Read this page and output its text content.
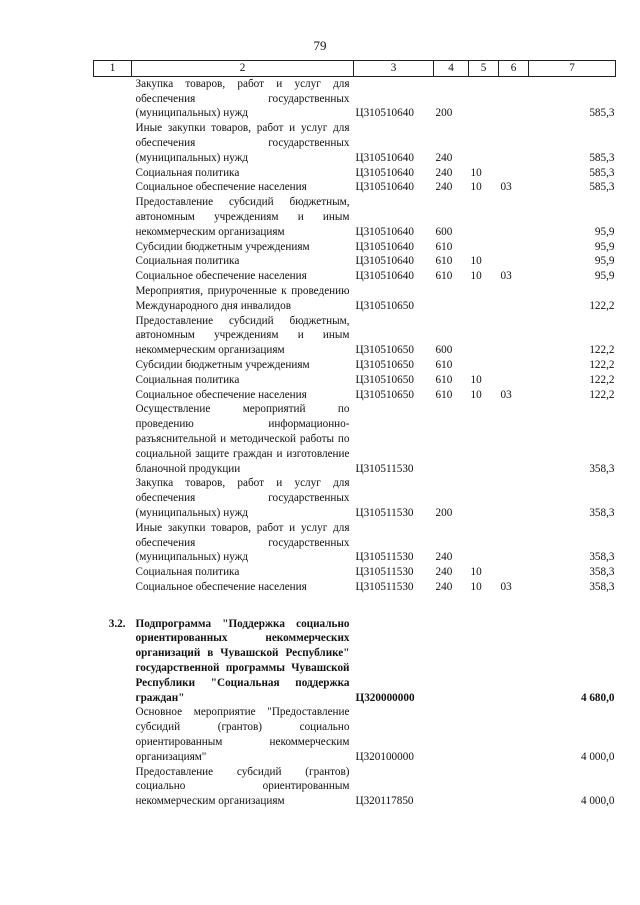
79
1	2	3	4	5	6	7
	Закупка товаров, работ и услуг для обеспечения государственных (муниципальных) нужд	Ц310510640	200			585,3
	Иные закупки товаров, работ и услуг для обеспечения государственных (муниципальных) нужд	Ц310510640	240			585,3
	Социальная политика	Ц310510640	240	10		585,3
	Социальное обеспечение населения	Ц310510640	240	10	03	585,3
	Предоставление субсидий бюджетным, автономным учреждениям и иным некоммерческим организациям	Ц310510640	600			95,9
	Субсидии бюджетным учреждениям	Ц310510640	610			95,9
	Социальная политика	Ц310510640	610	10		95,9
	Социальное обеспечение населения	Ц310510640	610	10	03	95,9
	Мероприятия, приуроченные к проведению Международного дня инвалидов	Ц310510650				122,2
	Предоставление субсидий бюджетным, автономным учреждениям и иным некоммерческим организациям	Ц310510650	600			122,2
	Субсидии бюджетным учреждениям	Ц310510650	610			122,2
	Социальная политика	Ц310510650	610	10		122,2
	Социальное обеспечение населения	Ц310510650	610	10	03	122,2
	Осуществление мероприятий по проведению информационно-разъяснительной и методической работы по социальной защите граждан и изготовление бланочной продукции	Ц310511530				358,3
	Закупка товаров, работ и услуг для обеспечения государственных (муниципальных) нужд	Ц310511530	200			358,3
	Иные закупки товаров, работ и услуг для обеспечения государственных (муниципальных) нужд	Ц310511530	240			358,3
	Социальная политика	Ц310511530	240	10		358,3
	Социальное обеспечение населения	Ц310511530	240	10	03	358,3

3.2.	Подпрограмма "Поддержка социально ориентированных некоммерческих организаций в Чувашской Республике" государственной программы Чувашской Республики "Социальная поддержка граждан"	Ц320000000				4 680,0
	Основное мероприятие "Предоставление субсидий (грантов) социально ориентированным некоммерческим организациям"	Ц320100000				4 000,0
	Предоставление субсидий (грантов) социально ориентированным некоммерческим организациям	Ц320117850				4 000,0
